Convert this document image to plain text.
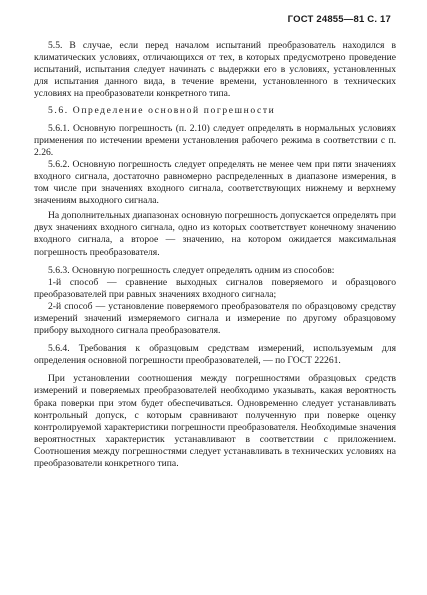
ГОСТ 24855—81 С. 17

5.5. В случае, если перед началом испытаний преобразователь находился в климатических условиях, отличающихся от тех, в которых предусмотрено проведение испытаний, испытания следует начинать с выдержки его в условиях, установленных для испытания данного вида, в течение времени, установленного в технических условиях на преобразователи конкретного типа.

5.6. Определение основной погрешности

5.6.1. Основную погрешность (п. 2.10) следует определять в нормальных условиях применения по истечении времени установления рабочего режима в соответствии с п. 2.26.

5.6.2. Основную погрешность следует определять не менее чем при пяти значениях входного сигнала, достаточно равномерно распределенных в диапазоне измерения, в том числе при значениях входного сигнала, соответствующих нижнему и верхнему значениям выходного сигнала.

На дополнительных диапазонах основную погрешность допускается определять при двух значениях входного сигнала, одно из которых соответствует конечному значению входного сигнала, а второе — значению, на котором ожидается максимальная погрешность преобразователя.

5.6.3. Основную погрешность следует определять одним из способов:

1-й способ — сравнение выходных сигналов поверяемого и образцового преобразователей при равных значениях входного сигнала;

2-й способ — установление поверяемого преобразователя по образцовому средству измерений значений измеряемого сигнала и измерение по другому образцовому прибору выходного сигнала преобразователя.

5.6.4. Требования к образцовым средствам измерений, используемым для определения основной погрешности преобразователей, — по ГОСТ 22261.

При установлении соотношения между погрешностями образцовых средств измерений и поверяемых преобразователей необходимо указывать, какая вероятность брака поверки при этом будет обеспечиваться. Одновременно следует устанавливать контрольный допуск, с которым сравнивают полученную при поверке оценку контролируемой характеристики погрешности преобразователя. Необходимые значения вероятностных характеристик устанавливают в соответствии с приложением. Соотношения между погрешностями следует устанавливать в технических условиях на преобразователи конкретного типа.
